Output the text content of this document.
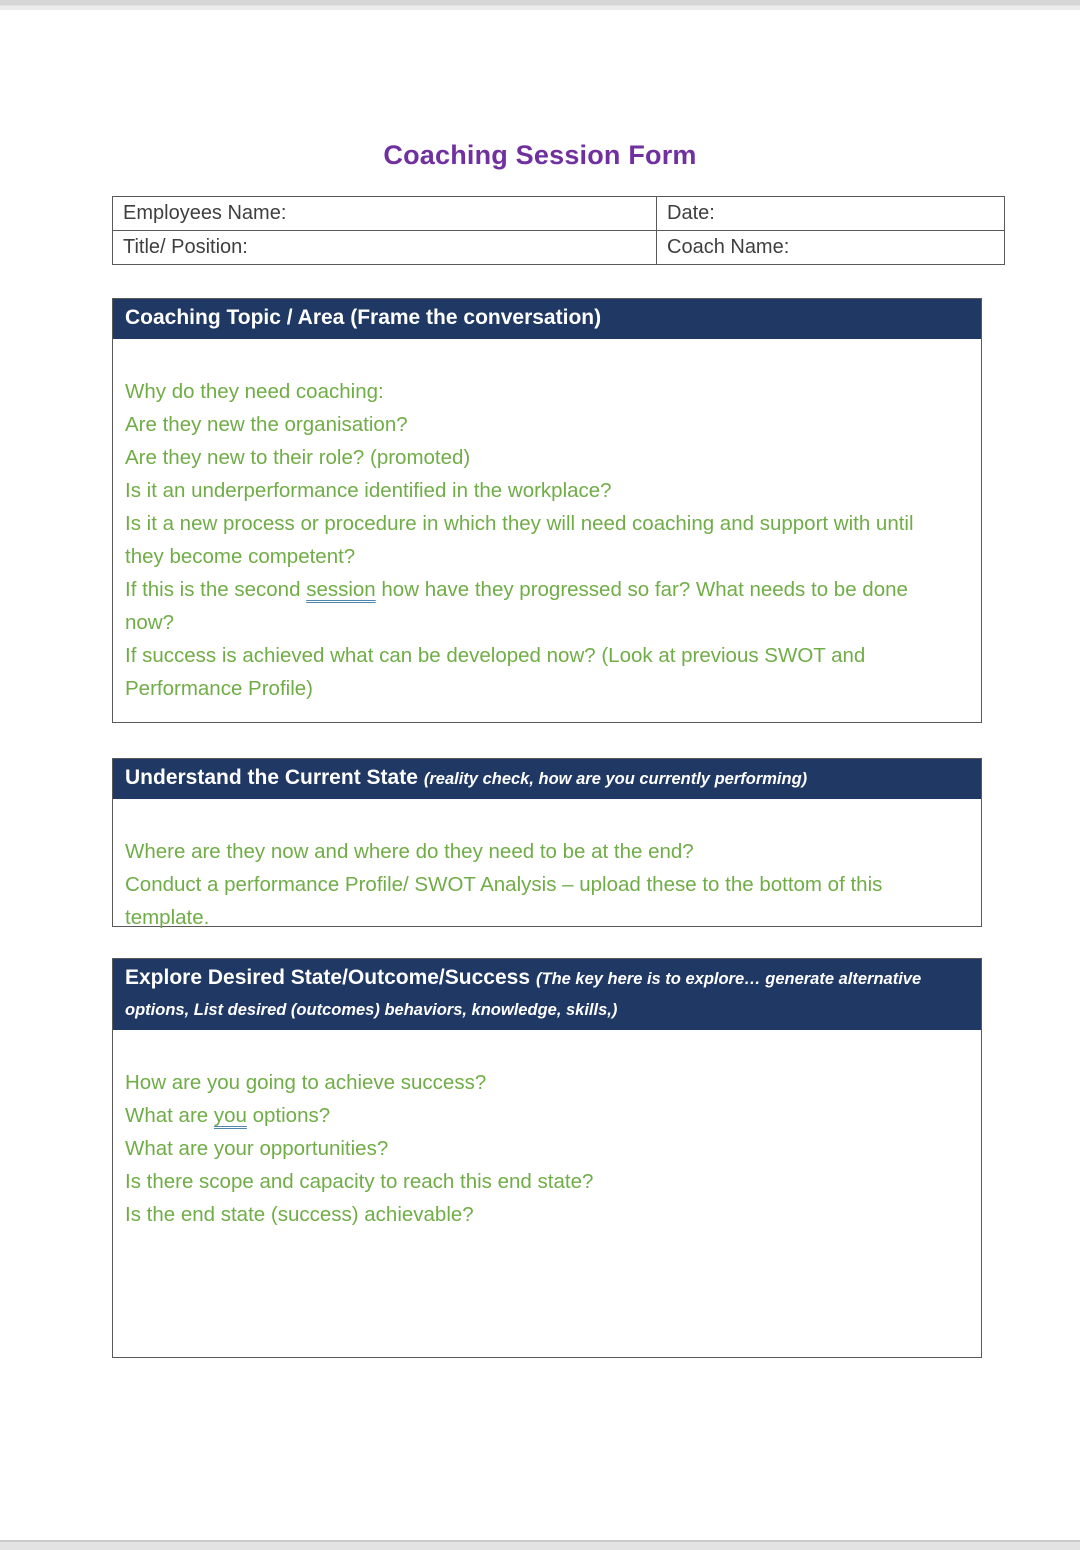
Coaching Session Form
Employees Name:	Date:
Title/ Position:	Coach Name:
Coaching Topic / Area (Frame the conversation)
Why do they need coaching:
Are they new the organisation?
Are they new to their role? (promoted)
Is it an underperformance identified in the workplace?
Is it a new process or procedure in which they will need coaching and support with until
they become competent?
If this is the second session how have they progressed so far? What needs to be done
now?
If success is achieved what can be developed now? (Look at previous SWOT and
Performance Profile)
Understand the Current State (reality check, how are you currently performing)
Where are they now and where do they need to be at the end?
Conduct a performance Profile/ SWOT Analysis – upload these to the bottom of this
template.
Explore Desired State/Outcome/Success (The key here is to explore… generate alternative options, List desired (outcomes) behaviors, knowledge, skills,)
How are you going to achieve success?
What are you options?
What are your opportunities?
Is there scope and capacity to reach this end state?
Is the end state (success) achievable?
